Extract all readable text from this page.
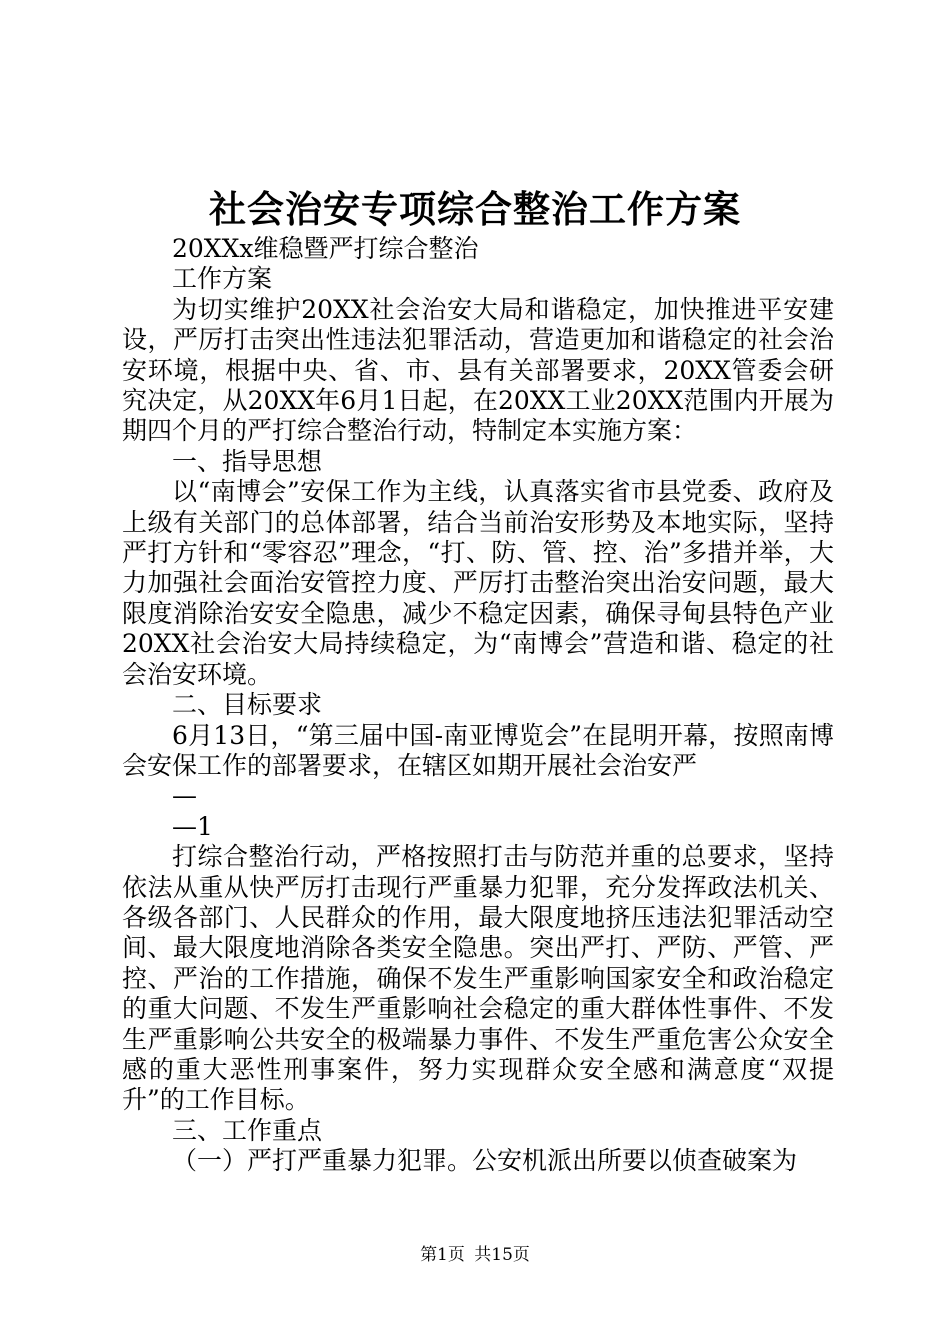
社会治安专项综合整治工作方案

20XXx维稳暨严打综合整治

工作方案

为切实维护20XX社会治安大局和谐稳定，加快推进平安建设，严厉打击突出性违法犯罪活动，营造更加和谐稳定的社会治安环境，根据中央、省、市、县有关部署要求，20XX管委会研究决定，从20XX年6月1日起，在20XX工业20XX范围内开展为期四个月的严打综合整治行动，特制定本实施方案：

一、指导思想

以“南博会”安保工作为主线，认真落实省市县党委、政府及上级有关部门的总体部署，结合当前治安形势及本地实际，坚持严打方针和“零容忍”理念，“打、防、管、控、治”多措并举，大力加强社会面治安管控力度、严厉打击整治突出治安问题，最大限度消除治安安全隐患，减少不稳定因素，确保寻甸县特色产业20XX社会治安大局持续稳定，为“南博会”营造和谐、稳定的社会治安环境。

二、目标要求

6月13日，“第三届中国-南亚博览会”在昆明开幕，按照南博会安保工作的部署要求，在辖区如期开展社会治安严

—

—1

打综合整治行动，严格按照打击与防范并重的总要求，坚持依法从重从快严厉打击现行严重暴力犯罪，充分发挥政法机关、各级各部门、人民群众的作用，最大限度地挤压违法犯罪活动空间、最大限度地消除各类安全隐患。突出严打、严防、严管、严控、严治的工作措施，确保不发生严重影响国家安全和政治稳定的重大问题、不发生严重影响社会稳定的重大群体性事件、不发生严重影响公共安全的极端暴力事件、不发生严重危害公众安全感的重大恶性刑事案件，努力实现群众安全感和满意度“双提升”的工作目标。

三、工作重点

（一）严打严重暴力犯罪。公安机派出所要以侦查破案为

第1页 共15页
